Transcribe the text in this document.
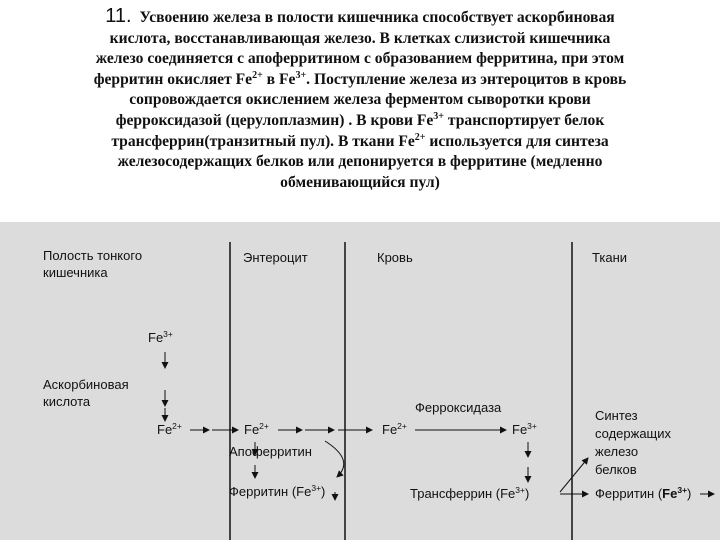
11. Усвоению железа в полости кишечника способствует аскорбиновая
кислота, восстанавливающая железо. В клетках слизистой кишечника
железо соединяется с апоферритином с образованием ферритина, при этом
ферритин окисляет $Fe^{2+}$ в $Fe^{3+}$. Поступление железа из энтероцитов в кровь
сопровождается окислением железа ферментом сыворотки крови
ферроксидазой (церулоплазмин) . В крови $Fe^{3+}$ транспортирует белок
трансферрин(транзитный пул). В ткани $Fe^{2+}$ используется для синтеза
железосодержащих белков или депонируется в ферритине (медленно
обменивающийся пул)

Полость тонкого
кишечника
Энтероцит	Кровь	Ткани
$Fe^{3+}$
Аскорбиновая
кислота
$Fe^{2+}$	$Fe^{2+}$
Апоферритин
Ферритин $(Fe^{3+})$
$Fe^{2+}$
Ферроксидаза
$Fe^{3+}$
Трансферрин $(Fe^{3+})$
Синтез
содержащих
железо
белков
Ферритин $(Fe^{3+})$
